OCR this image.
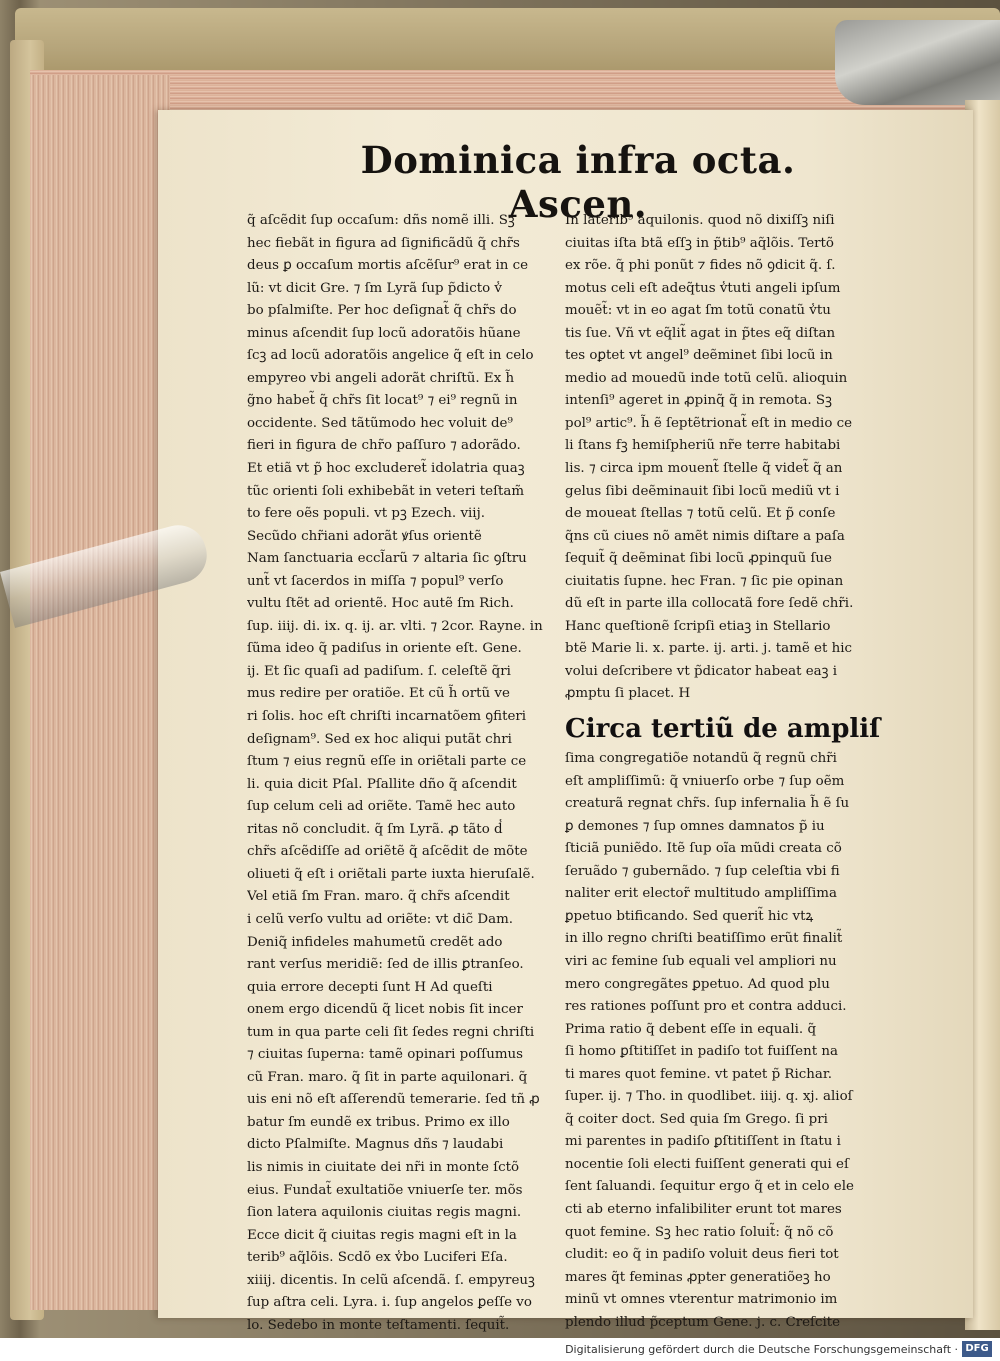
Dominica infra octa. Ascen.
q̃ aſcẽdit ſup occaſum: dñs nomẽ illi. Sꝫ
hec fiebãt in figura ad ſignificãdũ q̃ chr̃s
deus ꝑ occaſum mortis aſcẽſur⁹ erat in ce
lũ: vt dicit Gre. ⁊ ſm Lyrã ſup p̃dicto v̾
bo pſalmiſte. Per hoc deſignat̃ q̃ chr̃s do
minus aſcendit ſup locũ adoratõis hũane
ſcꝫ ad locũ adoratõis angelice q̃ eſt in celo
empyreo vbi angeli adorãt chriſtũ. Ex h̃
g̃no habet̃ q̃ chr̃s ſit locat⁹ ⁊ ei⁹ regnũ in
occidente. Sed tãtũmodo hec voluit de⁹
fieri in figura de chr̃o paſſuro ⁊ adorãdo.
Et etiã vt p̃ hoc excluderet̃ idolatria quaꝫ
tũc orienti ſoli exhibebãt in veteri teſtam̃
to fere oẽs populi. vt pꝫ Ezech. viij.
Secũdo chr̃iani adorãt ꝟſus orientẽ
Nam ſanctuaria eccl̃arũ ⁊ altaria ſic ꝯſtru
unt̃ vt ſacerdos in miſſa ⁊ popul⁹ verſo
vultu ſtẽt ad orientẽ. Hoc autẽ ſm Rich.
ſup. iiij. di. ix. q. ij. ar. vlti. ⁊ 2cor. Rayne. in
ſũma ideo q̃ padiſus in oriente eſt. Gene.
ij. Et ſic quaſi ad padiſum. ſ. celeſtẽ q̃ri
mus redire per oratiõe. Et cũ h̃ ortũ ve
ri ſolis. hoc eſt chriſti incarnatõem ꝯfiteri
deſignam⁹. Sed ex hoc aliqui putãt chri
ſtum ⁊ eius regnũ eſſe in oriẽtali parte ce
li. quia dicit Pſal. Pſallite dño q̃ aſcendit
ſup celum celi ad oriẽte. Tamẽ hec auto
ritas nõ concludit. q̃ ſm Lyrã. ꝓ tãto d̾
chr̃s aſcẽdiſſe ad oriẽtẽ q̃ aſcẽdit de mõte
oliueti q̃ eſt i oriẽtali parte iuxta hieruſalẽ.
Vel etiã ſm Fran. maro. q̃ chr̃s aſcendit
i celũ verſo vultu ad oriẽte: vt dic̃ Dam.
Deniq̃ infideles mahumetũ credẽt ado
rant verſus meridiẽ: ſed de illis ꝑtranſeo.
quia errore decepti ſunt H Ad queſti
onem ergo dicendũ q̃ licet nobis ſit incer
tum in qua parte celi ſit ſedes regni chriſti
⁊ ciuitas ſuperna: tamẽ opinari poſſumus
cũ Fran. maro. q̃ ſit in parte aquilonari. q̃
uis eni nõ eſt aſſerendũ temerarie. ſed tñ ꝓ
batur ſm eundẽ ex tribus. Primo ex illo
dicto Pſalmiſte. Magnus dñs ⁊ laudabi
lis nimis in ciuitate dei nr̃i in monte ſctõ
eius. Fundat̃ exultatiõe vniuerſe ter. mõs
ſion latera aquilonis ciuitas regis magni.
Ecce dicit q̃ ciuitas regis magni eſt in la
terib⁹ aq̃lõis. Scdõ ex v̾bo Luciferi Eſa.
xiiij. dicentis. In celũ aſcendã. ſ. empyreuꝫ
ſup aſtra celi. Lyra. i. ſup angelos ꝑeſſe vo
lo. Sedebo in monte teſtamenti. ſequit̃.
In laterib⁹ aquilonis. quod nõ dixiſſꝫ niſi
ciuitas iſta btã eſſꝫ in p̃tib⁹ aq̃lõis. Tertõ
ex rõe. q̃ phi ponũt ⁊ fides nõ ꝯdicit q̃. ſ.
motus celi eſt adeq̃tus v̾tuti angeli ipſum
mouẽt̃: vt in eo agat ſm totũ conatũ v̾tu
tis ſue. Vñ vt eq̃lit̃ agat in p̃tes eq̃ diſtan
tes oꝑtet vt angel⁹ deẽminet ſibi locũ in
medio ad mouedũ inde totũ celũ. alioquin
intenſi⁹ ageret in ꝓpinq̃ q̃ in remota. Sꝫ
pol⁹ artic⁹. h̃ ẽ ſeptẽtrionat̃ eſt in medio ce
li ſtans fꝫ hemiſpheriũ nr̃e terre habitabi
lis. ⁊ circa ipm mouent̃ ſtelle q̃ videt̃ q̃ an
gelus ſibi deẽminauit ſibi locũ mediũ vt i
de moueat ſtellas ⁊ totũ celũ. Et p̃ conſe
q̃ns cũ ciues nõ amẽt nimis diſtare a paſa
ſequit̃ q̃ deẽminat ſibi locũ ꝓpinquũ ſue
ciuitatis ſupne. hec Fran. ⁊ ſic pie opinan
dũ eſt in parte illa collocatã fore ſedẽ chr̃i.
Hanc queſtionẽ ſcripſi etiaꝫ in Stellario
btẽ Marie li. x. parte. ij. arti. j. tamẽ et hic
volui deſcribere vt p̃dicator habeat eaꝫ i
ꝓmptu ſi placet. H
Circa tertiũ de ampliſ
ſima congregatiõe notandũ q̃ regnũ chr̃i
eſt ampliſſimũ: q̃ vniuerſo orbe ⁊ ſup oẽm
creaturã regnat chr̃s. ſup infernalia h̃ ẽ ſu
ꝑ demones ⁊ ſup omnes damnatos p̃ iu
ſticiã puniẽdo. Itẽ ſup oĩa mũdi creata cõ
ſeruãdo ⁊ gubernãdo. ⁊ ſup celeſtia vbi fi
naliter erit elector̃ multitudo ampliſſima
ꝑpetuo btificando. Sed querit̃ hic vtꝝ
in illo regno chriſti beatiſſimo erũt finalit̃
viri ac femine ſub equali vel ampliori nu
mero congregãtes ꝑpetuo. Ad quod plu
res rationes poſſunt pro et contra adduci.
Prima ratio q̃ debent eſſe in equali. q̃
ſi homo ꝑſtitiſſet in padiſo tot fuiſſent na
ti mares quot femine. vt patet p̃ Richar.
ſuper. ij. ⁊ Tho. in quodlibet. iiij. q. xj. alioſ
q̃ coiter doct. Sed quia ſm Grego. ſi pri
mi parentes in padiſo ꝑſtitiſſent in ſtatu i
nocentie ſoli electi fuiſſent generati qui eſ
ſent ſaluandi. ſequitur ergo q̃ et in celo ele
cti ab eterno infalibiliter erunt tot mares
quot femine. Sꝫ hec ratio ſoluit̃: q̃ nõ cõ
cludit: eo q̃ in padiſo voluit deus fieri tot
mares q̃t feminas ꝓpter generatiõeꝫ ho
minũ vt omnes vterentur matrimonio im
plendo illud p̃ceptum Gene. j. c. Creſcite
Digitalisierung gefördert durch die Deutsche Forschungsgemeinschaft · DFG
